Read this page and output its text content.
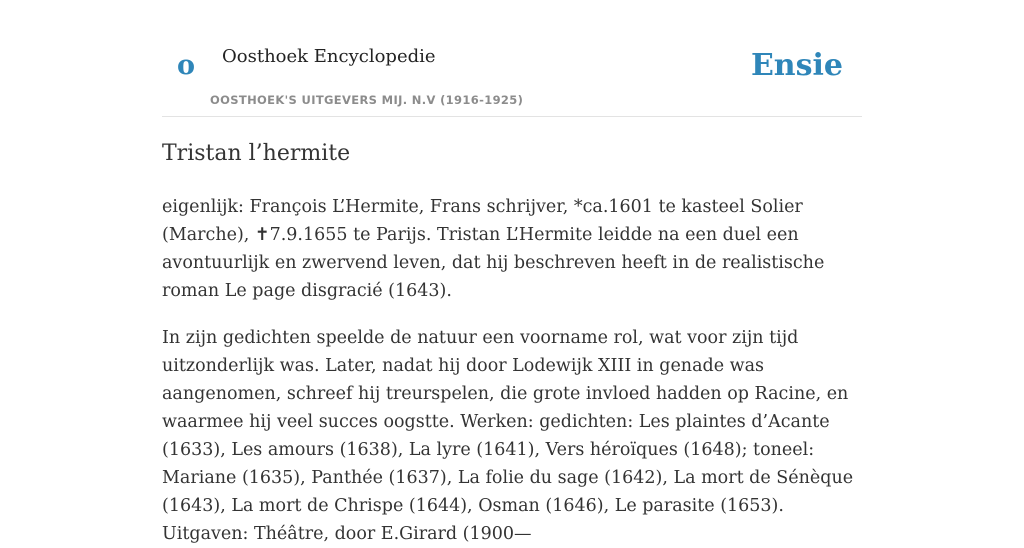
o Oosthoek Encyclopedie
OOSTHOEK'S UITGEVERS MIJ. N.V (1916-1925)
Ensie
Tristan l’hermite

eigenlijk: François L’Hermite, Frans schrijver, *ca.1601 te kasteel Solier (Marche), ✝7.9.1655 te Parijs. Tristan L’Hermite leidde na een duel een avontuurlijk en zwervend leven, dat hij beschreven heeft in de realistische roman Le page disgracié (1643).

In zijn gedichten speelde de natuur een voorname rol, wat voor zijn tijd uitzonderlijk was. Later, nadat hij door Lodewijk XIII in genade was aangenomen, schreef hij treurspelen, die grote invloed hadden op Racine, en waarmee hij veel succes oogstte. Werken: gedichten: Les plaintes d’Acante (1633), Les amours (1638), La lyre (1641), Vers héroïques (1648); toneel: Mariane (1635), Panthée (1637), La folie du sage (1642), La mort de Sénèque (1643), La mort de Chrispe (1644), Osman (1646), Le parasite (1653). Uitgaven: Théâtre, door E.Girard (1900—
